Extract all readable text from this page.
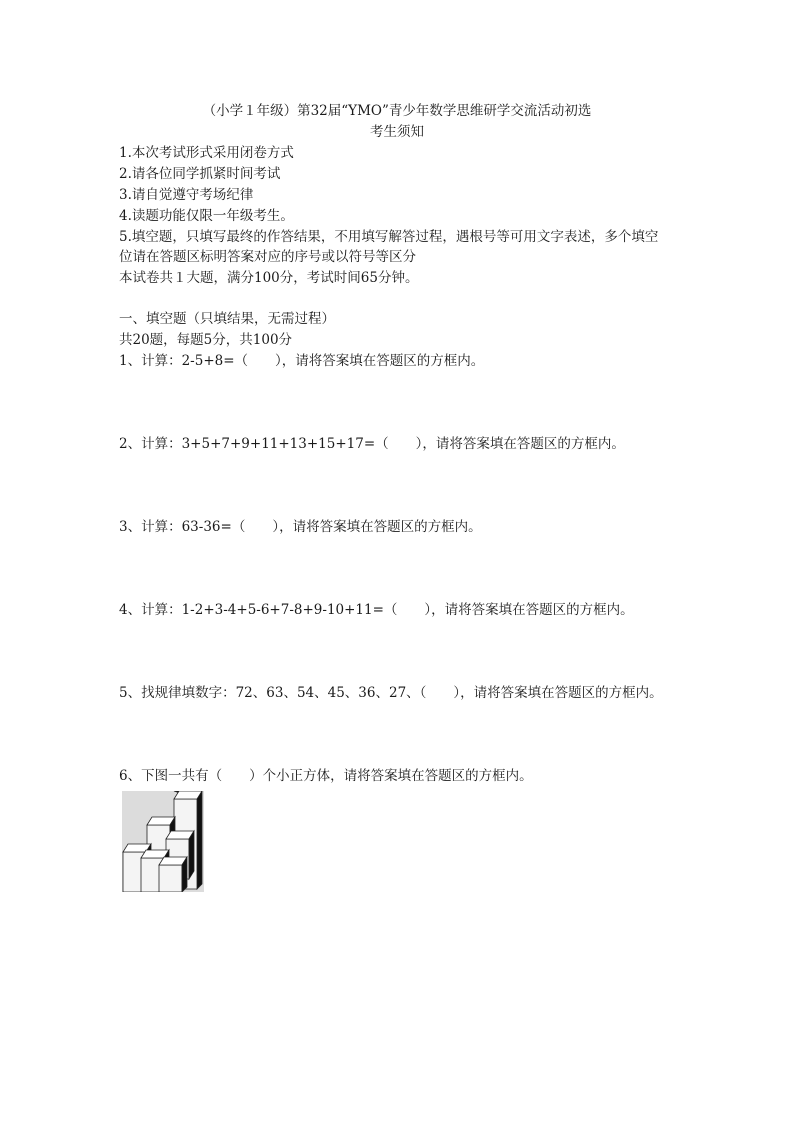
（小学１年级）第32届“YMO”青少年数学思维研学交流活动初选
考生须知
1.本次考试形式采用闭卷方式
2.请各位同学抓紧时间考试
3.请自觉遵守考场纪律
4.读题功能仅限一年级考生。
5.填空题，只填写最终的作答结果，不用填写解答过程，遇根号等可用文字表述，多个填空
位请在答题区标明答案对应的序号或以符号等区分
本试卷共１大题，满分100分，考试时间65分钟。
一、填空题（只填结果，无需过程）
共20题，每题5分，共100分
1、计算：2-5+8=（　　），请将答案填在答题区的方框内。
2、计算：3+5+7+9+11+13+15+17=（　　），请将答案填在答题区的方框内。
3、计算：63-36=（　　），请将答案填在答题区的方框内。
4、计算：1-2+3-4+5-6+7-8+9-10+11=（　　），请将答案填在答题区的方框内。
5、找规律填数字：72、63、54、45、36、27、（　　），请将答案填在答题区的方框内。
6、下图一共有（　　）个小正方体，请将答案填在答题区的方框内。
